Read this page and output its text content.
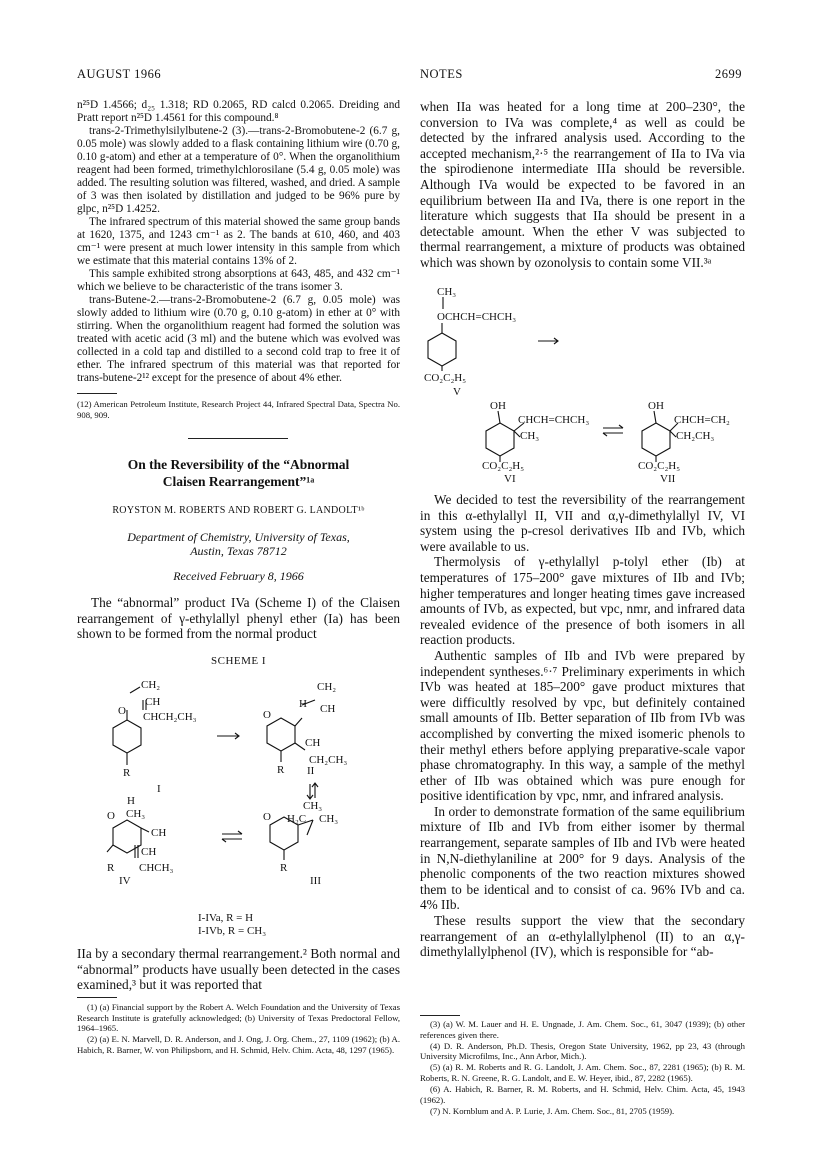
AUGUST 1966	NOTES	2699

n²⁵D 1.4566; d₂₅ 1.318; RD 0.2065, RD calcd 0.2065. Dreiding and Pratt report n²⁵D 1.4561 for this compound.⁸

trans-2-Trimethylsilylbutene-2 (3).—trans-2-Bromobutene-2 (6.7 g, 0.05 mole) was slowly added to a flask containing lithium wire (0.70 g, 0.10 g-atom) and ether at a temperature of 0°. When the organolithium reagent had been formed, trimethylchlorosilane (5.4 g, 0.05 mole) was added. The resulting solution was filtered, washed, and dried. A sample of 3 was then isolated by distillation and judged to be 96% pure by glpc, n²⁵D 1.4252.

The infrared spectrum of this material showed the same group bands at 1620, 1375, and 1243 cm⁻¹ as 2. The bands at 610, 460, and 403 cm⁻¹ were present at much lower intensity in this sample from which we estimate that this material contains 13% of 2.

This sample exhibited strong absorptions at 643, 485, and 432 cm⁻¹ which we believe to be characteristic of the trans isomer 3.

trans-Butene-2.—trans-2-Bromobutene-2 (6.7 g, 0.05 mole) was slowly added to lithium wire (0.70 g, 0.10 g-atom) in ether at 0° with stirring. When the organolithium reagent had formed the solution was treated with acetic acid (3 ml) and the butene which was evolved was collected in a cold tap and distilled to a second cold trap to free it of ether. The infrared spectrum of this material was that reported for trans-butene-2¹² except for the presence of about 4% ether.

(12) American Petroleum Institute, Research Project 44, Infrared Spectral Data, Spectra No. 908, 909.
On the Reversibility of the “Abnormal
Claisen Rearrangement”¹ᵃ
ROYSTON M. ROBERTS AND ROBERT G. LANDOLT¹ᵇ
Department of Chemistry, University of Texas,
Austin, Texas 78712
Received February 8, 1966

The “abnormal” product IVa (Scheme I) of the Claisen rearrangement of γ-ethylallyl phenyl ether (Ia) has been shown to be formed from the normal product

SCHEME I
CH₂
O
CH
CHCH₂CH₃
R
I
H
CH₂
O	CH
CH
CH₂CH₃
R II
CH₃
O H₂C CH₃
R
III
H
O CH₃
CH
CH
R CHCH₃
IV
I-IVa, R = H
I-IVb, R = CH₃

IIa by a secondary thermal rearrangement.² Both normal and “abnormal” products have usually been detected in the cases examined,³ but it was reported that

(1) (a) Financial support by the Robert A. Welch Foundation and the University of Texas Research Institute is gratefully acknowledged; (b) University of Texas Predoctoral Fellow, 1964–1965.

(2) (a) E. N. Marvell, D. R. Anderson, and J. Ong, J. Org. Chem., 27, 1109 (1962); (b) A. Habich, R. Barner, W. von Philipsborn, and H. Schmid, Helv. Chim. Acta, 48, 1297 (1965).

when IIa was heated for a long time at 200–230°, the conversion to IVa was complete,⁴ as well as could be detected by the infrared analysis used. According to the accepted mechanism,²·⁵ the rearrangement of IIa to IVa via the spirodienone intermediate IIIa should be reversible. Although IVa would be expected to be favored in an equilibrium between IIa and IVa, there is one report in the literature which suggests that IIa should be present in a detectable amount. When the ether V was subjected to thermal rearrangement, a mixture of products was obtained which was shown by ozonolysis to contain some VII.³ᵃ

CH₃
OCHCH=CHCH₃
CO₂C₂H₅
V
OH
CHCH=CHCH₃
CH₃
CO₂C₂H₅
VI
OH
CHCH=CH₂
CH₂CH₃
CO₂C₂H₅
VII

We decided to test the reversibility of the rearrangement in this α-ethylallyl II, VII and α,γ-dimethylallyl IV, VI system using the p-cresol derivatives IIb and IVb, which were available to us.

Thermolysis of γ-ethylallyl p-tolyl ether (Ib) at temperatures of 175–200° gave mixtures of IIb and IVb; higher temperatures and longer heating times gave increased amounts of IVb, as expected, but vpc, nmr, and infrared data revealed evidence of the presence of both isomers in all reaction products.

Authentic samples of IIb and IVb were prepared by independent syntheses.⁶·⁷ Preliminary experiments in which IVb was heated at 185–200° gave product mixtures that were difficultly resolved by vpc, but definitely contained small amounts of IIb. Better separation of IIb from IVb was accomplished by converting the mixed isomeric phenols to their methyl ethers before applying preparative-scale vapor phase chromatography. In this way, a sample of the methyl ether of IIb was obtained which was pure enough for positive identification by vpc, nmr, and infrared analysis.

In order to demonstrate formation of the same equilibrium mixture of IIb and IVb from either isomer by thermal rearrangement, separate samples of IIb and IVb were heated in N,N-diethylaniline at 200° for 9 days. Analysis of the phenolic components of the two reaction mixtures showed them to be identical and to consist of ca. 96% IVb and ca. 4% IIb.

These results support the view that the secondary rearrangement of an α-ethylallylphenol (II) to an α,γ-dimethylallylphenol (IV), which is responsible for “ab-

(3) (a) W. M. Lauer and H. E. Ungnade, J. Am. Chem. Soc., 61, 3047 (1939); (b) other references given there.

(4) D. R. Anderson, Ph.D. Thesis, Oregon State University, 1962, pp 23, 43 (through University Microfilms, Inc., Ann Arbor, Mich.).

(5) (a) R. M. Roberts and R. G. Landolt, J. Am. Chem. Soc., 87, 2281 (1965); (b) R. M. Roberts, R. N. Greene, R. G. Landolt, and E. W. Heyer, ibid., 87, 2282 (1965).

(6) A. Habich, R. Barner, R. M. Roberts, and H. Schmid, Helv. Chim. Acta, 45, 1943 (1962).

(7) N. Kornblum and A. P. Lurie, J. Am. Chem. Soc., 81, 2705 (1959).
